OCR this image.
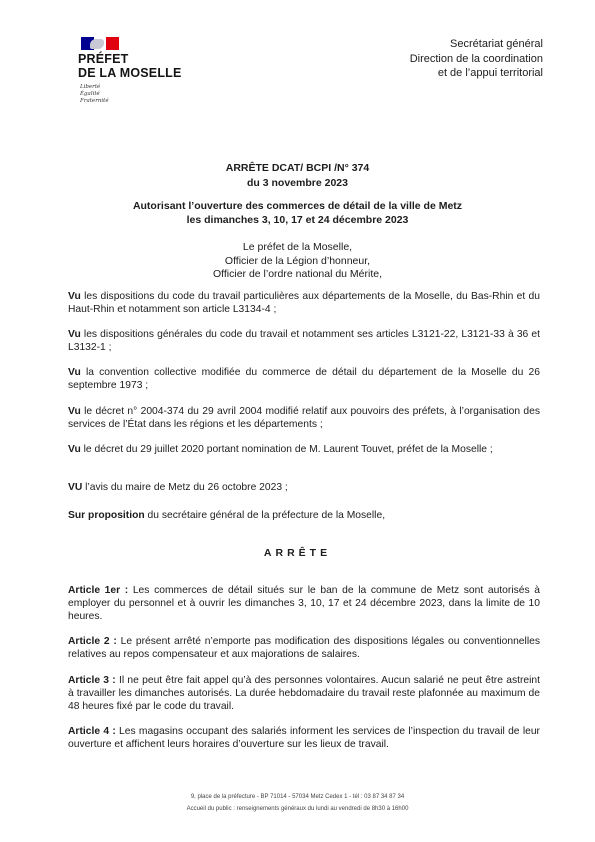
PRÉFET
DE LA MOSELLE
Liberté
Égalité
Fraternité
Secrétariat général
Direction de la coordination
et de l’appui territorial
ARRÊTE DCAT/ BCPI /N° 374
du 3 novembre 2023
Autorisant l’ouverture des commerces de détail de la ville de Metz
les dimanches 3, 10, 17 et 24 décembre 2023
Le préfet de la Moselle,
Officier de la Légion d’honneur,
Officier de l’ordre national du Mérite,
Vu les dispositions du code du travail particulières aux départements de la Moselle, du Bas-Rhin et du Haut-Rhin et notamment son article L3134-4 ;
Vu les dispositions générales du code du travail et notamment ses articles L3121-22, L3121-33 à 36 et L3132-1 ;
Vu la convention collective modifiée du commerce de détail du département de la Moselle du 26 septembre 1973 ;
Vu le décret n° 2004-374 du 29 avril 2004 modifié relatif aux pouvoirs des préfets, à l’organisation des services de l’État dans les régions et les départements ;
Vu le décret du 29 juillet 2020 portant nomination de M. Laurent Touvet, préfet de la Moselle ;
VU l’avis du maire de Metz du 26 octobre 2023 ;
Sur proposition du secrétaire général de la préfecture de la Moselle,
ARRÊTE
Article 1er : Les commerces de détail situés sur le ban de la commune de Metz sont autorisés à employer du personnel et à ouvrir les dimanches 3, 10, 17 et 24 décembre 2023, dans la limite de 10 heures.
Article 2 : Le présent arrêté n’emporte pas modification des dispositions légales ou conventionnelles relatives au repos compensateur et aux majorations de salaires.
Article 3 : Il ne peut être fait appel qu’à des personnes volontaires. Aucun salarié ne peut être astreint à travailler les dimanches autorisés. La durée hebdomadaire du travail reste plafonnée au maximum de 48 heures fixé par le code du travail.
Article 4 : Les magasins occupant des salariés informent les services de l’inspection du travail de leur ouverture et affichent leurs horaires d’ouverture sur les lieux de travail.
9, place de la préfecture - BP 71014 - 57034 Metz Cedex 1 - tél : 03 87 34 87 34
Accueil du public : renseignements généraux du lundi au vendredi de 8h30 à 16h00
